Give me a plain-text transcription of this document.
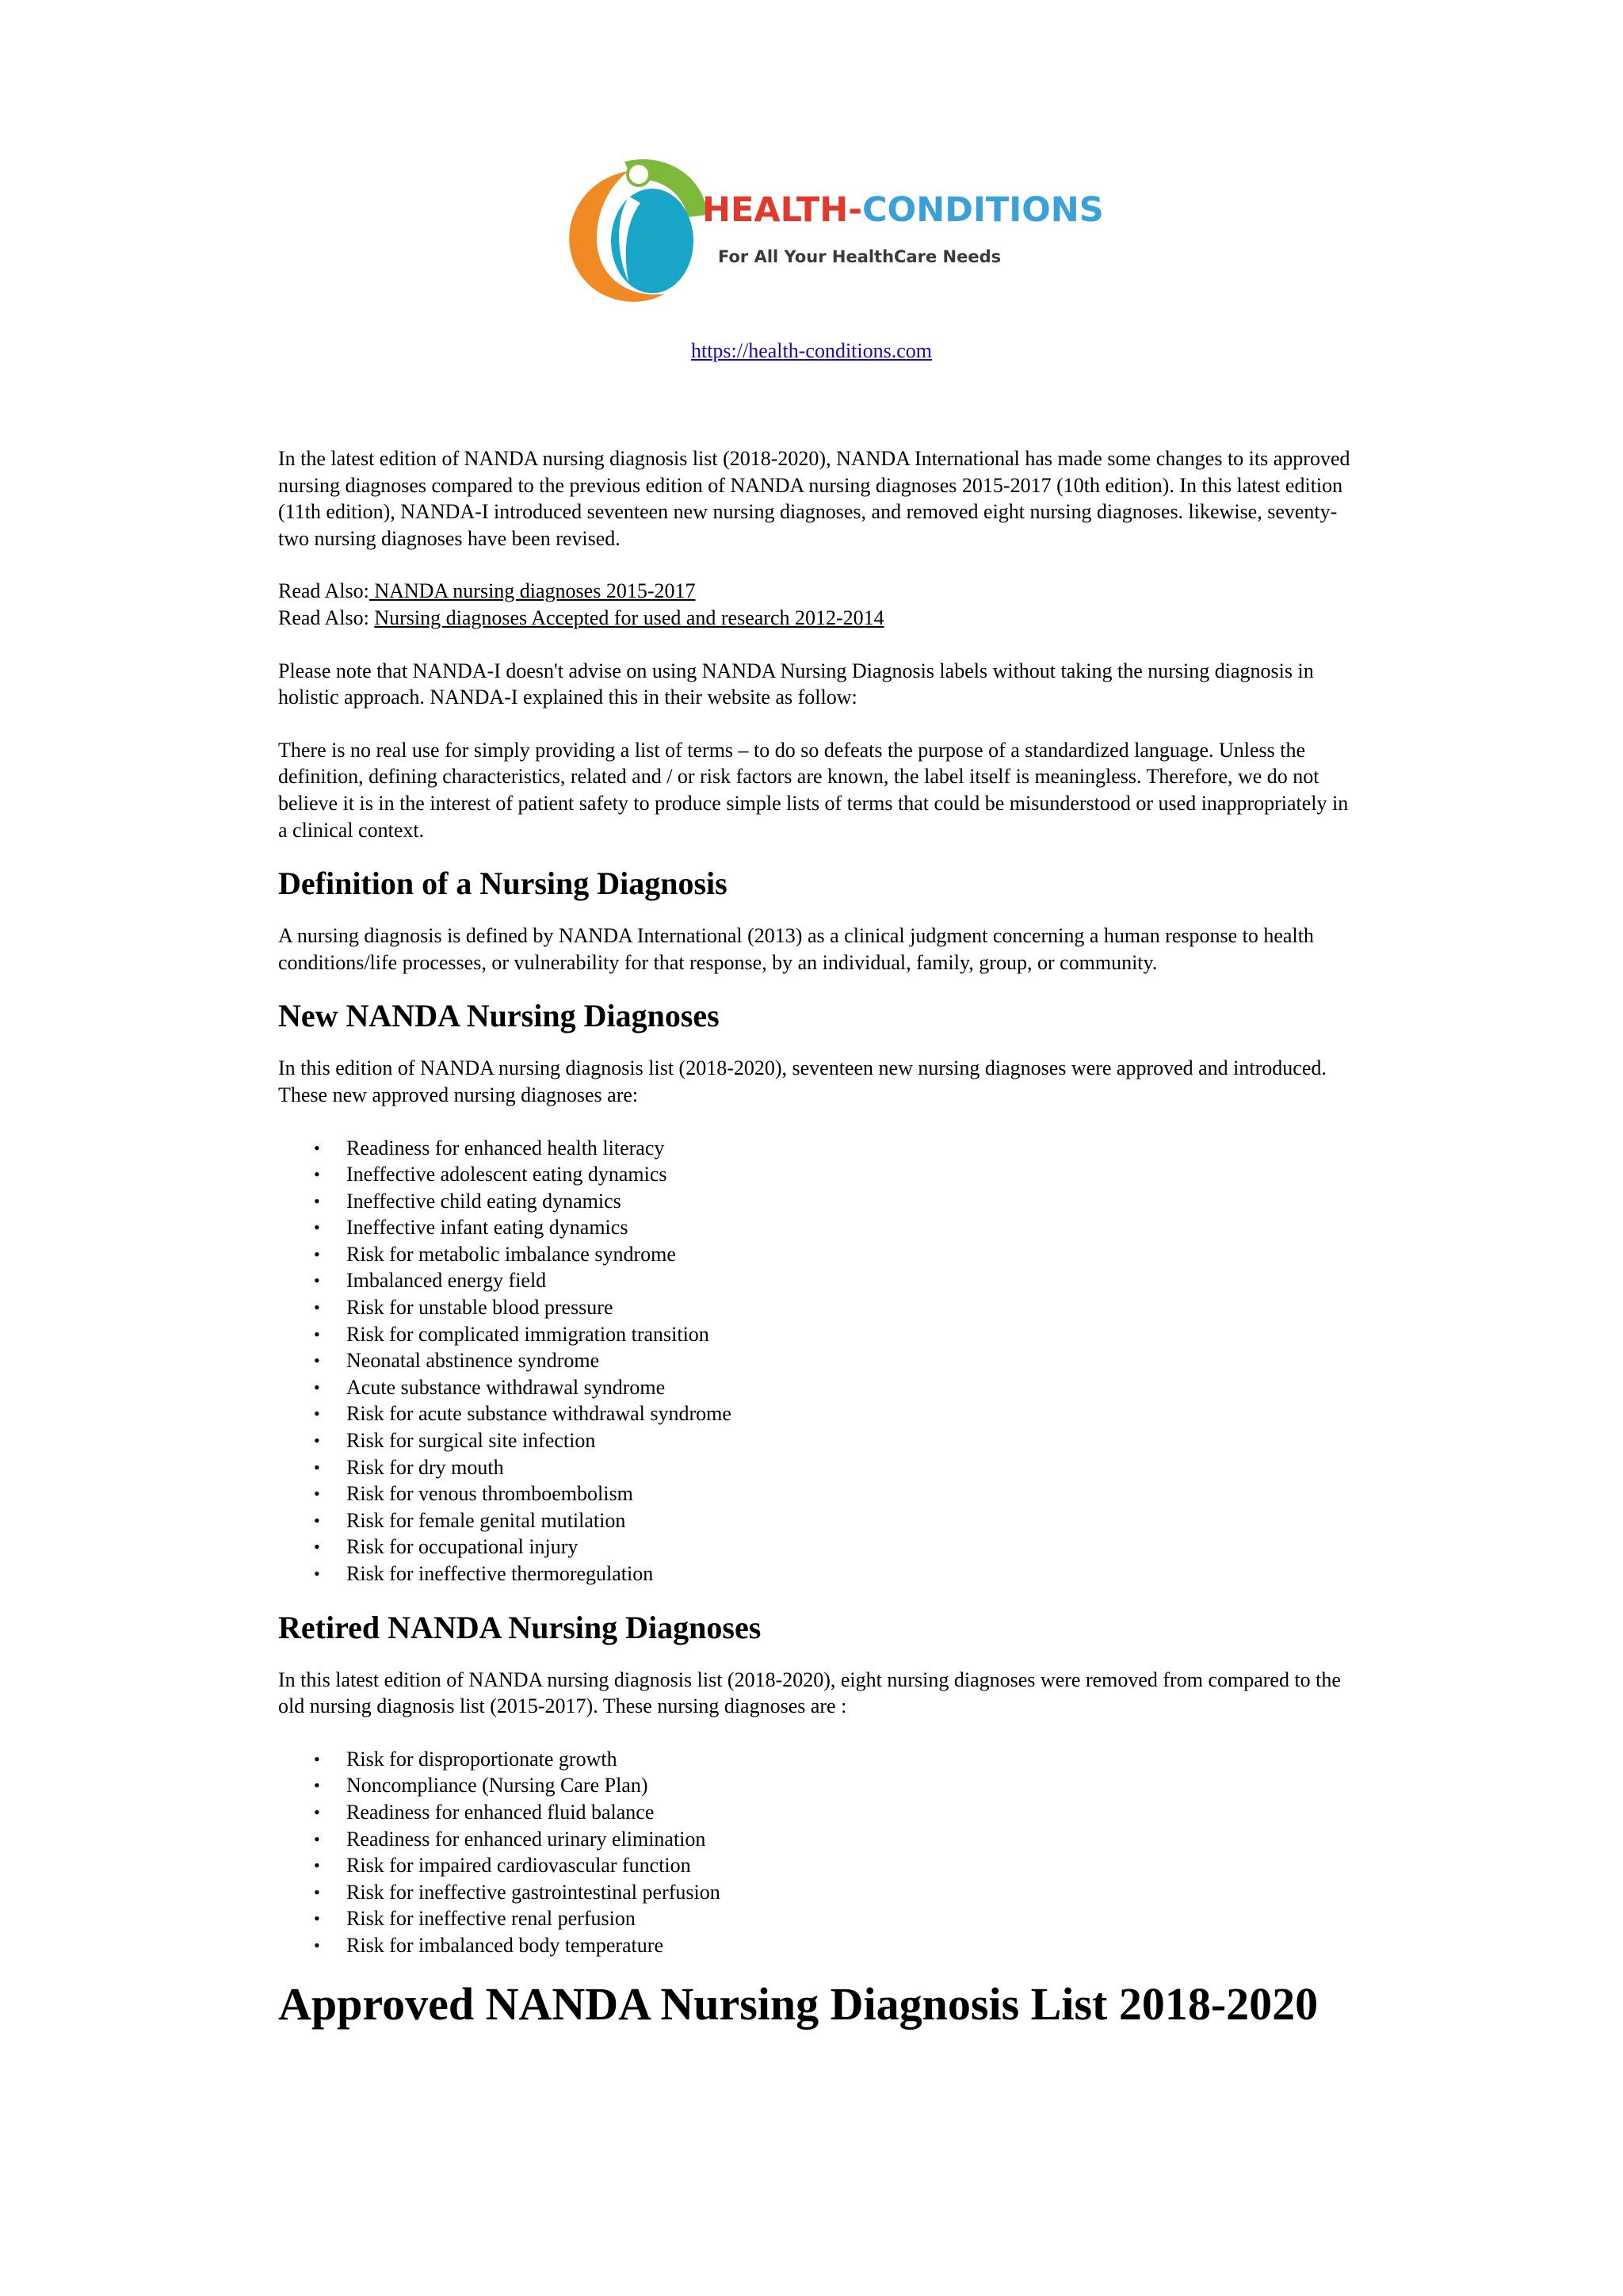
HEALTH-CONDITIONS
For All Your HealthCare Needs
https://health-conditions.com

In the latest edition of NANDA nursing diagnosis list (2018-2020), NANDA International has made some changes to its approved nursing diagnoses compared to the previous edition of NANDA nursing diagnoses 2015-2017 (10th edition). In this latest edition (11th edition), NANDA-I introduced seventeen new nursing diagnoses, and removed eight nursing diagnoses. likewise, seventy-two nursing diagnoses have been revised.

Read Also: NANDA nursing diagnoses 2015-2017

Read Also: Nursing diagnoses Accepted for used and research 2012-2014

Please note that NANDA-I doesn't advise on using NANDA Nursing Diagnosis labels without taking the nursing diagnosis in holistic approach. NANDA-I explained this in their website as follow:

There is no real use for simply providing a list of terms – to do so defeats the purpose of a standardized language. Unless the definition, defining characteristics, related and / or risk factors are known, the label itself is meaningless. Therefore, we do not believe it is in the interest of patient safety to produce simple lists of terms that could be misunderstood or used inappropriately in a clinical context.

Definition of a Nursing Diagnosis

A nursing diagnosis is defined by NANDA International (2013) as a clinical judgment concerning a human response to health conditions/life processes, or vulnerability for that response, by an individual, family, group, or community.

New NANDA Nursing Diagnoses

In this edition of NANDA nursing diagnosis list (2018-2020), seventeen new nursing diagnoses were approved and introduced. These new approved nursing diagnoses are:

• Readiness for enhanced health literacy
• Ineffective adolescent eating dynamics
• Ineffective child eating dynamics
• Ineffective infant eating dynamics
• Risk for metabolic imbalance syndrome
• Imbalanced energy field
• Risk for unstable blood pressure
• Risk for complicated immigration transition
• Neonatal abstinence syndrome
• Acute substance withdrawal syndrome
• Risk for acute substance withdrawal syndrome
• Risk for surgical site infection
• Risk for dry mouth
• Risk for venous thromboembolism
• Risk for female genital mutilation
• Risk for occupational injury
• Risk for ineffective thermoregulation
Retired NANDA Nursing Diagnoses

In this latest edition of NANDA nursing diagnosis list (2018-2020), eight nursing diagnoses were removed from compared to the old nursing diagnosis list (2015-2017). These nursing diagnoses are :

• Risk for disproportionate growth
• Noncompliance (Nursing Care Plan)
• Readiness for enhanced fluid balance
• Readiness for enhanced urinary elimination
• Risk for impaired cardiovascular function
• Risk for ineffective gastrointestinal perfusion
• Risk for ineffective renal perfusion
• Risk for imbalanced body temperature
Approved NANDA Nursing Diagnosis List 2018-2020
